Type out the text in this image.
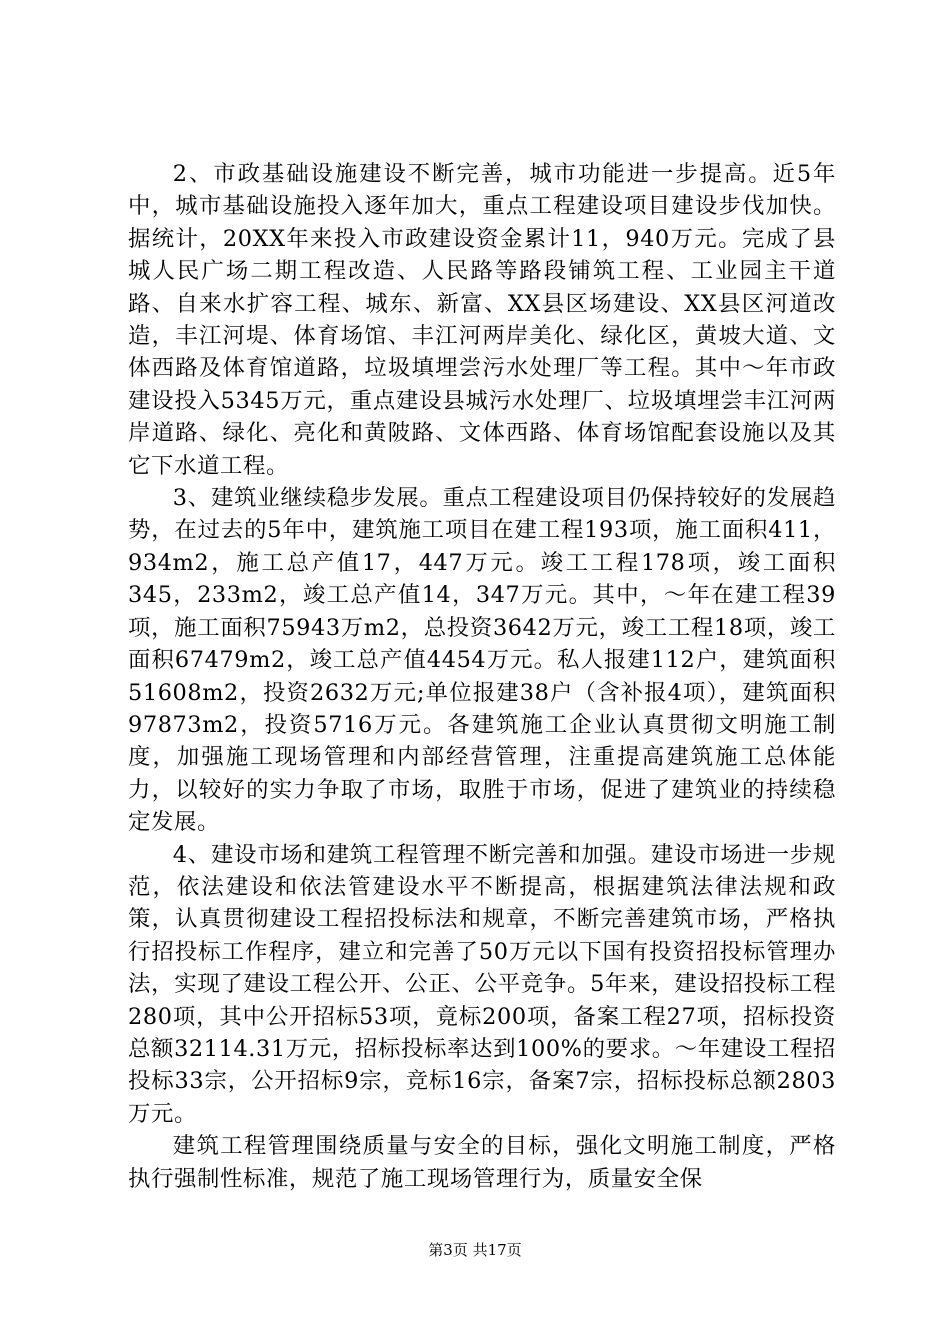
2、市政基础设施建设不断完善，城市功能进一步提高。近5年中，城市基础设施投入逐年加大，重点工程建设项目建设步伐加快。据统计，20XX年来投入市政建设资金累计11，940万元。完成了县城人民广场二期工程改造、人民路等路段铺筑工程、工业园主干道路、自来水扩容工程、城东、新富、XX县区场建设、XX县区河道改造，丰江河堤、体育场馆、丰江河两岸美化、绿化区，黄坡大道、文体西路及体育馆道路，垃圾填埋尝污水处理厂等工程。其中～年市政建设投入5345万元，重点建设县城污水处理厂、垃圾填埋尝丰江河两岸道路、绿化、亮化和黄陂路、文体西路、体育场馆配套设施以及其它下水道工程。

3、建筑业继续稳步发展。重点工程建设项目仍保持较好的发展趋势，在过去的5年中，建筑施工项目在建工程193项，施工面积411，934m2，施工总产值17，447万元。竣工工程178项，竣工面积345，233m2，竣工总产值14，347万元。其中，～年在建工程39项，施工面积75943万m2，总投资3642万元，竣工工程18项，竣工面积67479m2，竣工总产值4454万元。私人报建112户，建筑面积51608m2，投资2632万元;单位报建38户（含补报4项），建筑面积97873m2，投资5716万元。各建筑施工企业认真贯彻文明施工制度，加强施工现场管理和内部经营管理，注重提高建筑施工总体能力，以较好的实力争取了市场，取胜于市场，促进了建筑业的持续稳定发展。

4、建设市场和建筑工程管理不断完善和加强。建设市场进一步规范，依法建设和依法管建设水平不断提高，根据建筑法律法规和政策，认真贯彻建设工程招投标法和规章，不断完善建筑市场，严格执行招投标工作程序，建立和完善了50万元以下国有投资招投标管理办法，实现了建设工程公开、公正、公平竞争。5年来，建设招投标工程280项，其中公开招标53项，竟标200项，备案工程27项，招标投资总额32114.31万元，招标投标率达到100%的要求。～年建设工程招投标33宗，公开招标9宗，竞标16宗，备案7宗，招标投标总额2803万元。

建筑工程管理围绕质量与安全的目标，强化文明施工制度，严格执行强制性标准，规范了施工现场管理行为，质量安全保

第3页 共17页
